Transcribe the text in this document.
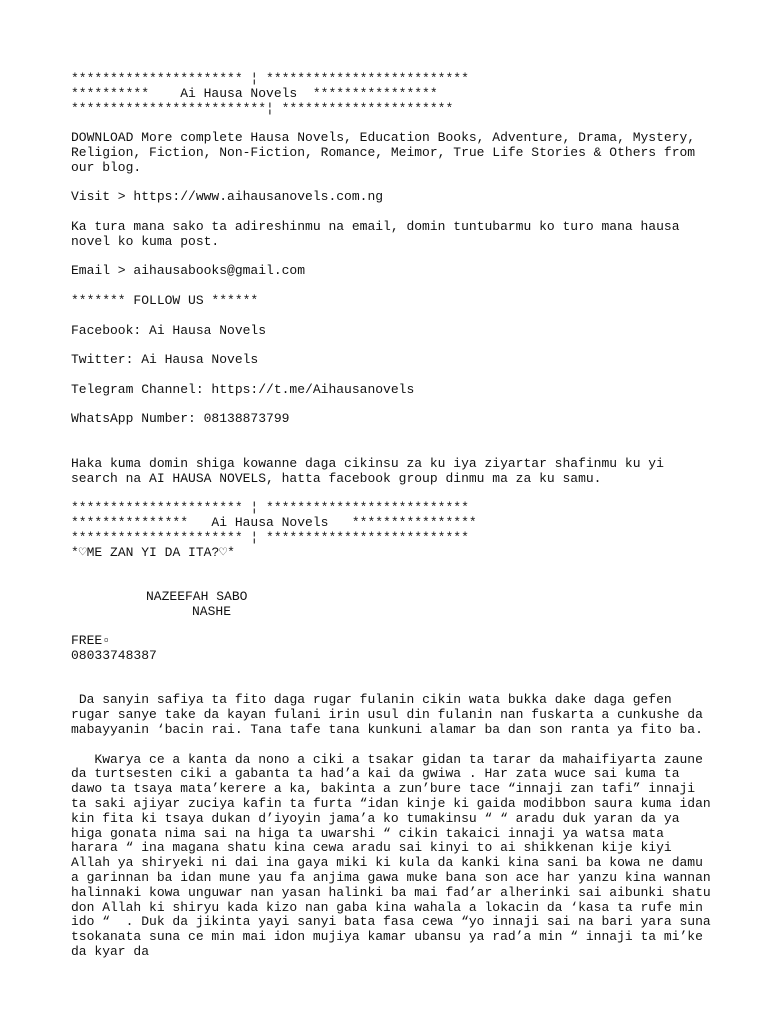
********************** ¦ **************************
**********    Ai Hausa Novels  ****************
*************************¦ **********************
DOWNLOAD More complete Hausa Novels, Education Books, Adventure, Drama, Mystery, Religion, Fiction, Non-Fiction, Romance, Meimor, True Life Stories & Others from our blog.
Visit > https://www.aihausanovels.com.ng
Ka tura mana sako ta adireshinmu na email, domin tuntubarmu ko turo mana hausa novel ko kuma post.
Email > aihausabooks@gmail.com
******* FOLLOW US ******
Facebook: Ai Hausa Novels
Twitter: Ai Hausa Novels
Telegram Channel: https://t.me/Aihausanovels
WhatsApp Number: 08138873799
Haka kuma domin shiga kowanne daga cikinsu za ku iya ziyartar shafinmu ku yi search na AI HAUSA NOVELS, hatta facebook group dinmu ma za ku samu.
********************** ¦ **************************
***************   Ai Hausa Novels   ****************
********************** ¦ **************************
*♡ME ZAN YI DA ITA?♡*
NAZEEFAH SABO
NASHE
FREE▫
08033748387
Da sanyin safiya ta fito daga rugar fulanin cikin wata bukka dake daga gefen rugar sanye take da kayan fulani irin usul din fulanin nan fuskarta a cunkushe da mabayyanin ‘bacin rai. Tana tafe tana kunkuni alamar ba dan son ranta ya fito ba.
Kwarya ce a kanta da nono a ciki a tsakar gidan ta tarar da mahaifiyarta zaune da turtsesten ciki a gabanta ta had’a kai da gwiwa . Har zata wuce sai kuma ta dawo ta tsaya mata’kerere a ka, bakinta a zun’bure tace “innaji zan tafi” innaji ta saki ajiyar zuciya kafin ta furta “idan kinje ki gaida modibbon saura kuma idan kin fita ki tsaya dukan d’iyoyin jama’a ko tumakinsu “ “ aradu duk yaran da ya higa gonata nima sai na higa ta uwarshi “ cikin takaici innaji ya watsa mata harara “ ina magana shatu kina cewa aradu sai kinyi to ai shikkenan kije kiyi Allah ya shiryeki ni dai ina gaya miki ki kula da kanki kina sani ba kowa ne damu a garinnan ba idan mune yau fa anjima gawa muke bana son ace har yanzu kina wannan halinnaki kowa unguwar nan yasan halinki ba mai fad’ar alherinki sai aibunki shatu don Allah ki shiryu kada kizo nan gaba kina wahala a lokacin da ‘kasa ta rufe min ido “  . Duk da jikinta yayi sanyi bata fasa cewa “yo innaji sai na bari yara suna tsokanata suna ce min mai idon mujiya kamar ubansu ya rad’a min “ innaji ta mi’ke da kyar da
